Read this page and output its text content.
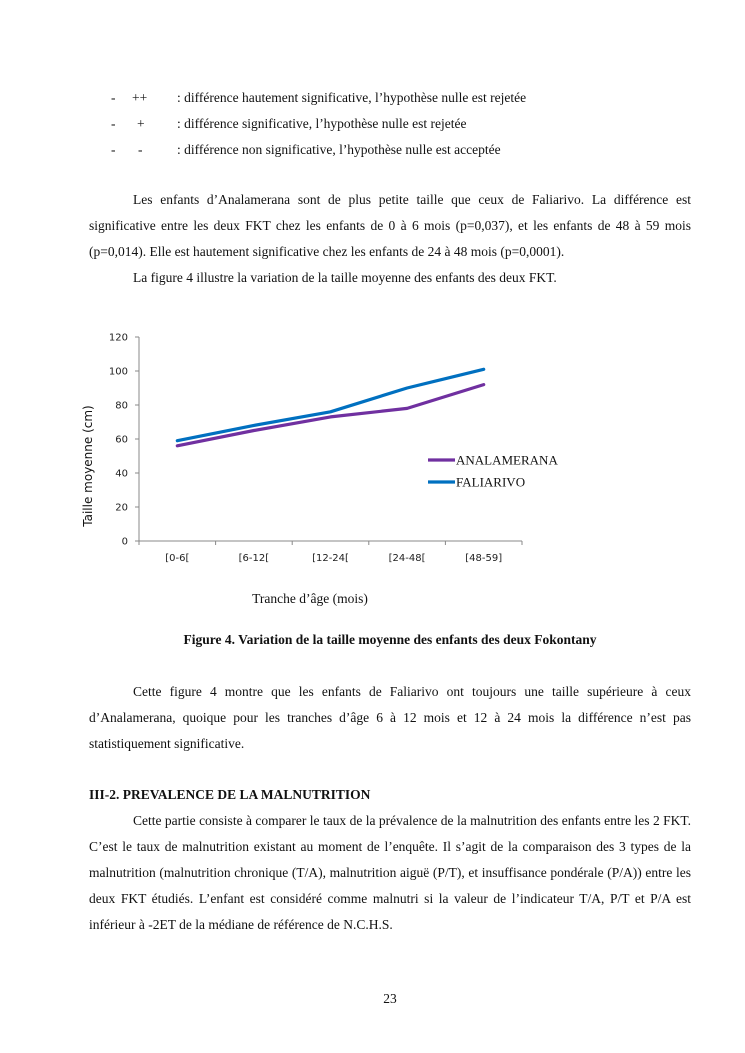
- ++ : différence hautement significative, l’hypothèse nulle est rejetée
- + : différence significative, l’hypothèse nulle est rejetée
- -	: différence non significative, l’hypothèse nulle est acceptée

Les enfants d’Analamerana sont de plus petite taille que ceux de Faliarivo. La différence est significative entre les deux FKT chez les enfants de 0 à 6 mois (p=0,037), et les enfants de 48 à 59 mois (p=0,014). Elle est hautement significative chez les enfants de 24 à 48 mois (p=0,0001).

La figure 4 illustre la variation de la taille moyenne des enfants des deux FKT.

0
20
40
60
80
100
120
[0-6[	[6-12[	[12-24[	[24-48[	[48-59]
ANALAMERANA
FALIARIVO
Taille moyenne (cm)
Tranche d’âge (mois)
Figure 4. Variation de la taille moyenne des enfants des deux Fokontany

Cette figure 4 montre que les enfants de Faliarivo ont toujours une taille supérieure à ceux d’Analamerana, quoique pour les tranches d’âge 6 à 12 mois et 12 à 24 mois la différence n’est pas statistiquement significative.

III-2. PREVALENCE DE LA MALNUTRITION

Cette partie consiste à comparer le taux de la prévalence de la malnutrition des enfants entre les 2 FKT. C’est le taux de malnutrition existant au moment de l’enquête. Il s’agit de la comparaison des 3 types de la malnutrition (malnutrition chronique (T/A), malnutrition aiguë (P/T), et insuffisance pondérale (P/A)) entre les deux FKT étudiés. L’enfant est considéré comme malnutri si la valeur de l’indicateur T/A, P/T et P/A est inférieur à -2ET de la médiane de référence de N.C.H.S.

23
